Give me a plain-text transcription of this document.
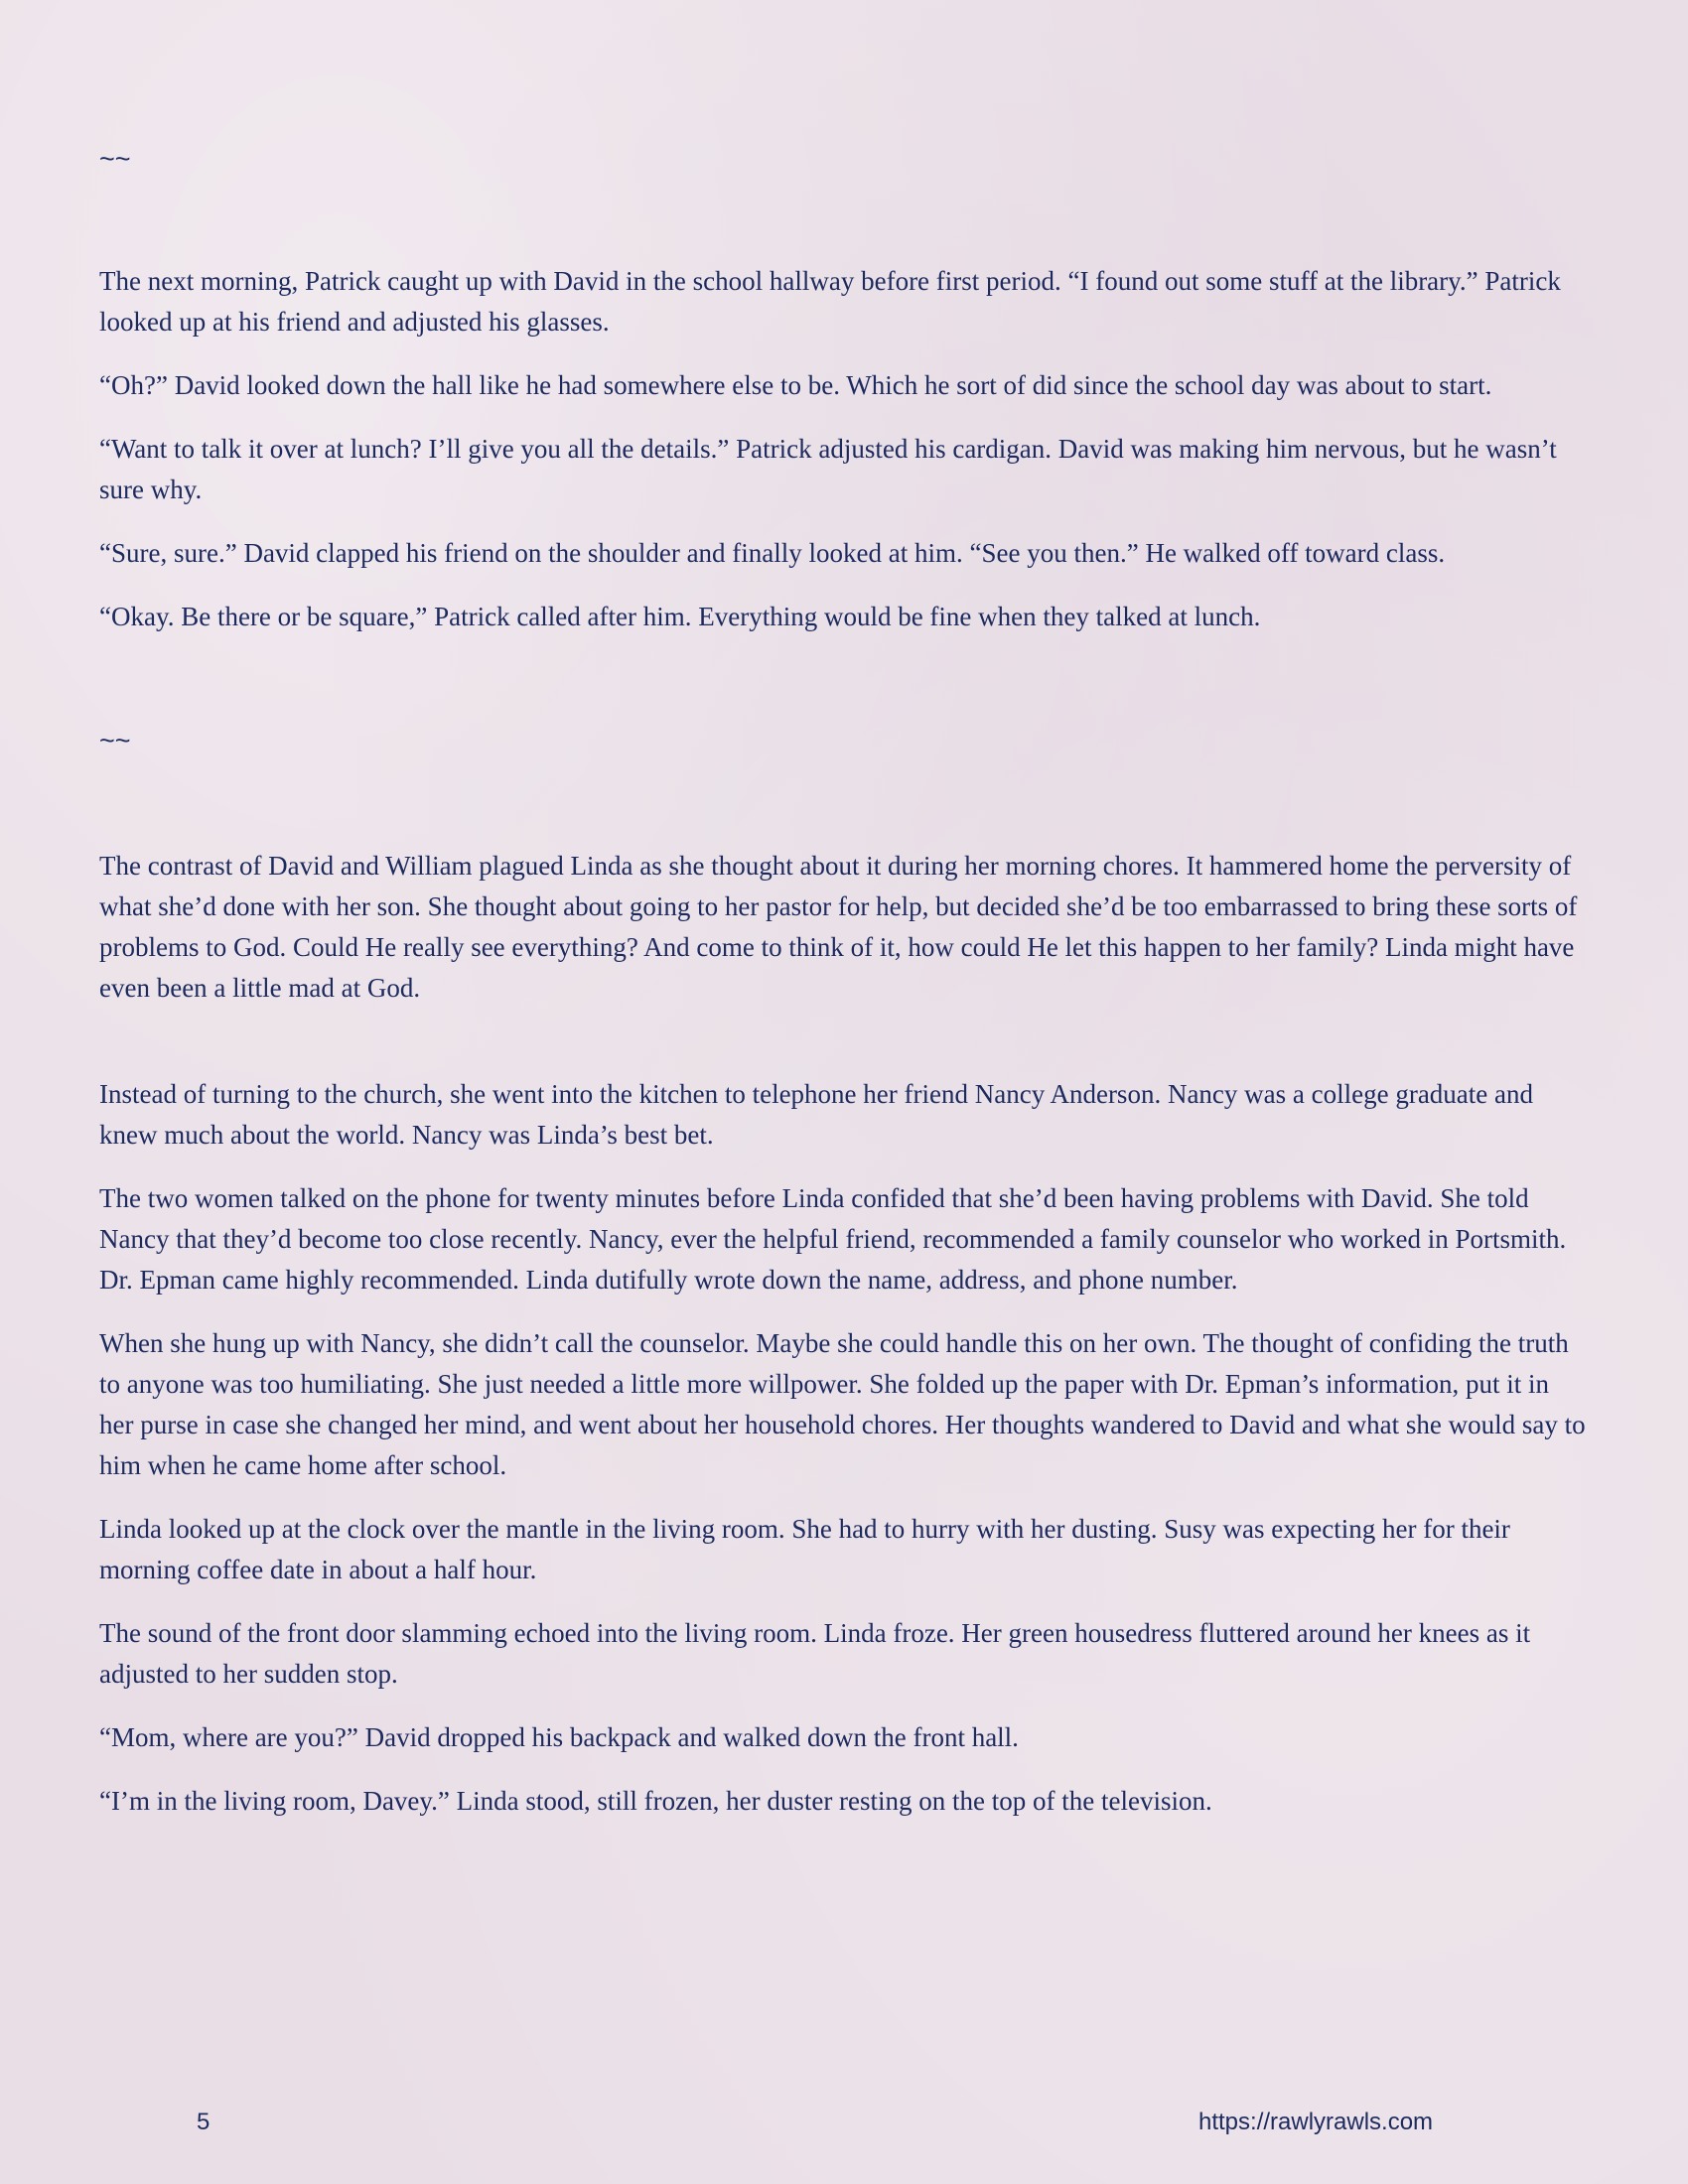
~~

The next morning, Patrick caught up with David in the school hallway before first period. “I found out some stuff at the library.” Patrick looked up at his friend and adjusted his glasses.

“Oh?” David looked down the hall like he had somewhere else to be. Which he sort of did since the school day was about to start.

“Want to talk it over at lunch? I’ll give you all the details.” Patrick adjusted his cardigan. David was making him nervous, but he wasn’t sure why.

“Sure, sure.” David clapped his friend on the shoulder and finally looked at him. “See you then.” He walked off toward class.

“Okay. Be there or be square,” Patrick called after him. Everything would be fine when they talked at lunch.

~~

The contrast of David and William plagued Linda as she thought about it during her morning chores. It hammered home the perversity of what she’d done with her son. She thought about going to her pastor for help, but decided she’d be too embarrassed to bring these sorts of problems to God. Could He really see everything? And come to think of it, how could He let this happen to her family? Linda might have even been a little mad at God.

Instead of turning to the church, she went into the kitchen to telephone her friend Nancy Anderson. Nancy was a college graduate and knew much about the world. Nancy was Linda’s best bet.

The two women talked on the phone for twenty minutes before Linda confided that she’d been having problems with David. She told Nancy that they’d become too close recently. Nancy, ever the helpful friend, recommended a family counselor who worked in Portsmith. Dr. Epman came highly recommended. Linda dutifully wrote down the name, address, and phone number.

When she hung up with Nancy, she didn’t call the counselor. Maybe she could handle this on her own. The thought of confiding the truth to anyone was too humiliating. She just needed a little more willpower. She folded up the paper with Dr. Epman’s information, put it in her purse in case she changed her mind, and went about her household chores. Her thoughts wandered to David and what she would say to him when he came home after school.

Linda looked up at the clock over the mantle in the living room. She had to hurry with her dusting. Susy was expecting her for their morning coffee date in about a half hour.

The sound of the front door slamming echoed into the living room. Linda froze. Her green housedress fluttered around her knees as it adjusted to her sudden stop.

“Mom, where are you?” David dropped his backpack and walked down the front hall.

“I’m in the living room, Davey.” Linda stood, still frozen, her duster resting on the top of the television.

5	https://rawlyrawls.com
